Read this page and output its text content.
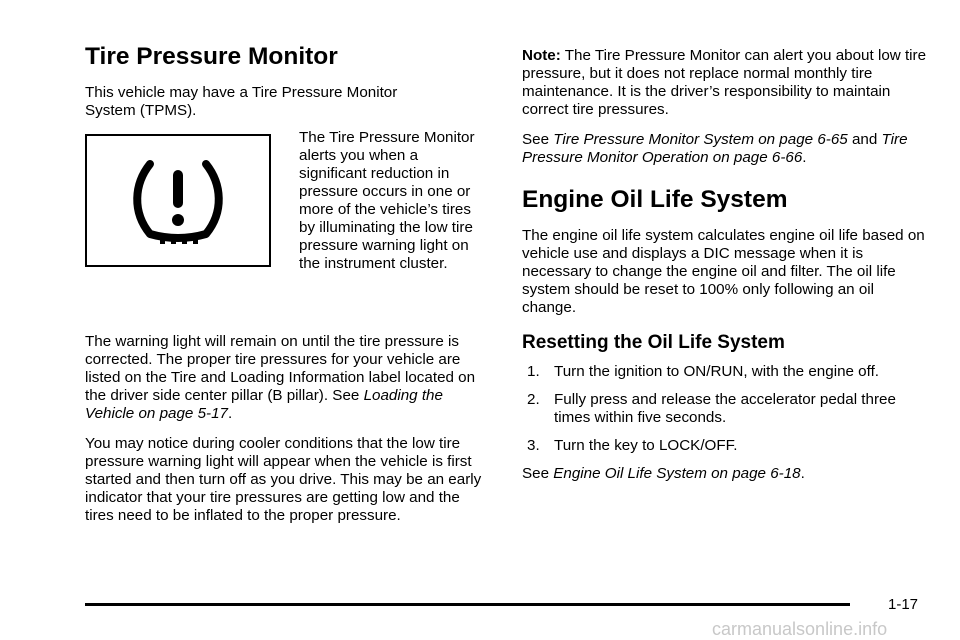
Tire Pressure Monitor

This vehicle may have a Tire Pressure Monitor System (TPMS).

The Tire Pressure Monitor alerts you when a significant reduction in pressure occurs in one or more of the vehicle’s tires by illuminating the low tire pressure warning light on the instrument cluster.

The warning light will remain on until the tire pressure is corrected. The proper tire pressures for your vehicle are listed on the Tire and Loading Information label located on the driver side center pillar (B pillar). See Loading the Vehicle on page 5-17.

You may notice during cooler conditions that the low tire pressure warning light will appear when the vehicle is first started and then turn off as you drive. This may be an early indicator that your tire pressures are getting low and the tires need to be inflated to the proper pressure.

Note: The Tire Pressure Monitor can alert you about low tire pressure, but it does not replace normal monthly tire maintenance. It is the driver’s responsibility to maintain correct tire pressures.

See Tire Pressure Monitor System on page 6-65 and Tire Pressure Monitor Operation on page 6-66.

Engine Oil Life System

The engine oil life system calculates engine oil life based on vehicle use and displays a DIC message when it is necessary to change the engine oil and filter. The oil life system should be reset to 100% only following an oil change.

Resetting the Oil Life System
1. Turn the ignition to ON/RUN, with the engine off.
2. Fully press and release the accelerator pedal three times within five seconds.
3. Turn the key to LOCK/OFF.

See Engine Oil Life System on page 6-18.

1-17
carmanualsonline.info
